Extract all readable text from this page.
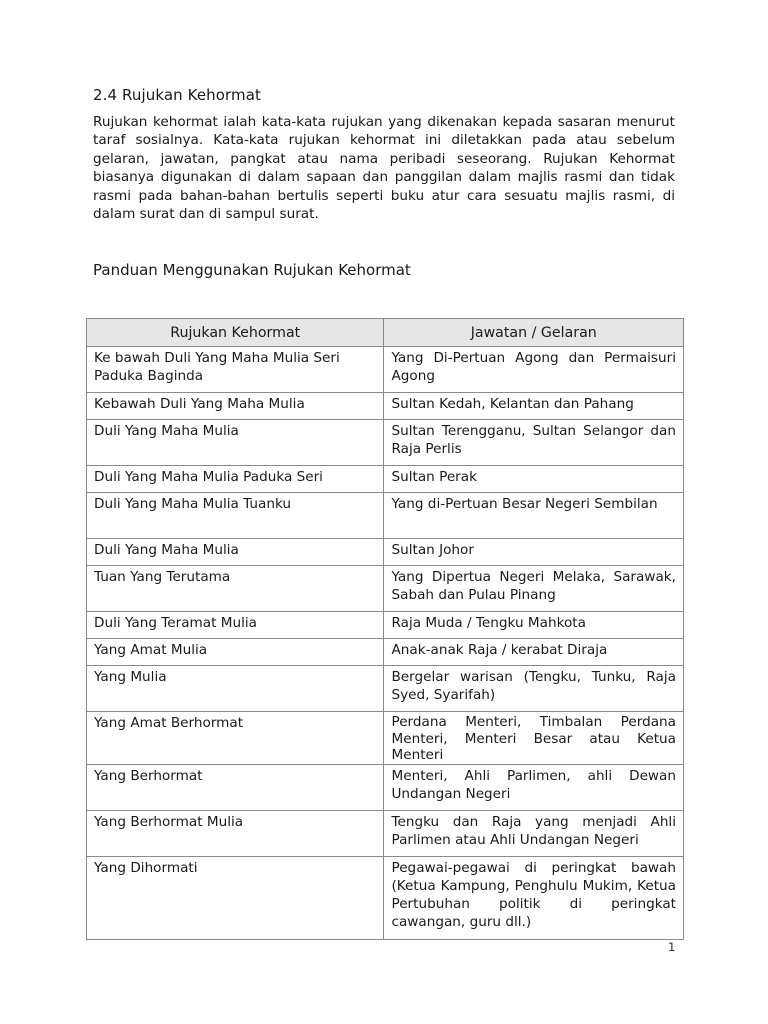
2.4 Rujukan Kehormat

Rujukan kehormat ialah kata-kata rujukan yang dikenakan kepada sasaran menurut taraf sosialnya. Kata-kata rujukan kehormat ini diletakkan pada atau sebelum gelaran, jawatan, pangkat atau nama peribadi seseorang. Rujukan Kehormat biasanya digunakan di dalam sapaan dan panggilan dalam majlis rasmi dan tidak rasmi pada bahan-bahan bertulis seperti buku atur cara sesuatu majlis rasmi, di dalam surat dan di sampul surat.

Panduan Menggunakan Rujukan Kehormat
Rujukan Kehormat	Jawatan / Gelaran
Ke bawah Duli Yang Maha Mulia Seri Paduka Baginda	Yang Di-Pertuan Agong dan Permaisuri Agong
Kebawah Duli Yang Maha Mulia	Sultan Kedah, Kelantan dan Pahang
Duli Yang Maha Mulia	Sultan Terengganu, Sultan Selangor dan Raja Perlis
Duli Yang Maha Mulia Paduka Seri	Sultan Perak
Duli Yang Maha Mulia Tuanku	Yang di-Pertuan Besar Negeri Sembilan
Duli Yang Maha Mulia	Sultan Johor
Tuan Yang Terutama	Yang Dipertua Negeri Melaka, Sarawak, Sabah dan Pulau Pinang
Duli Yang Teramat Mulia	Raja Muda / Tengku Mahkota
Yang Amat Mulia	Anak-anak Raja / kerabat Diraja
Yang Mulia	Bergelar warisan (Tengku, Tunku, Raja Syed, Syarifah)
Yang Amat Berhormat	Perdana Menteri, Timbalan Perdana Menteri, Menteri Besar atau Ketua Menteri
Yang Berhormat	Menteri, Ahli Parlimen, ahli Dewan Undangan Negeri
Yang Berhormat Mulia	Tengku dan Raja yang menjadi Ahli Parlimen atau Ahli Undangan Negeri
Yang Dihormati	Pegawai-pegawai di peringkat bawah (Ketua Kampung, Penghulu Mukim, Ketua Pertubuhan politik di peringkat cawangan, guru dll.)
1
